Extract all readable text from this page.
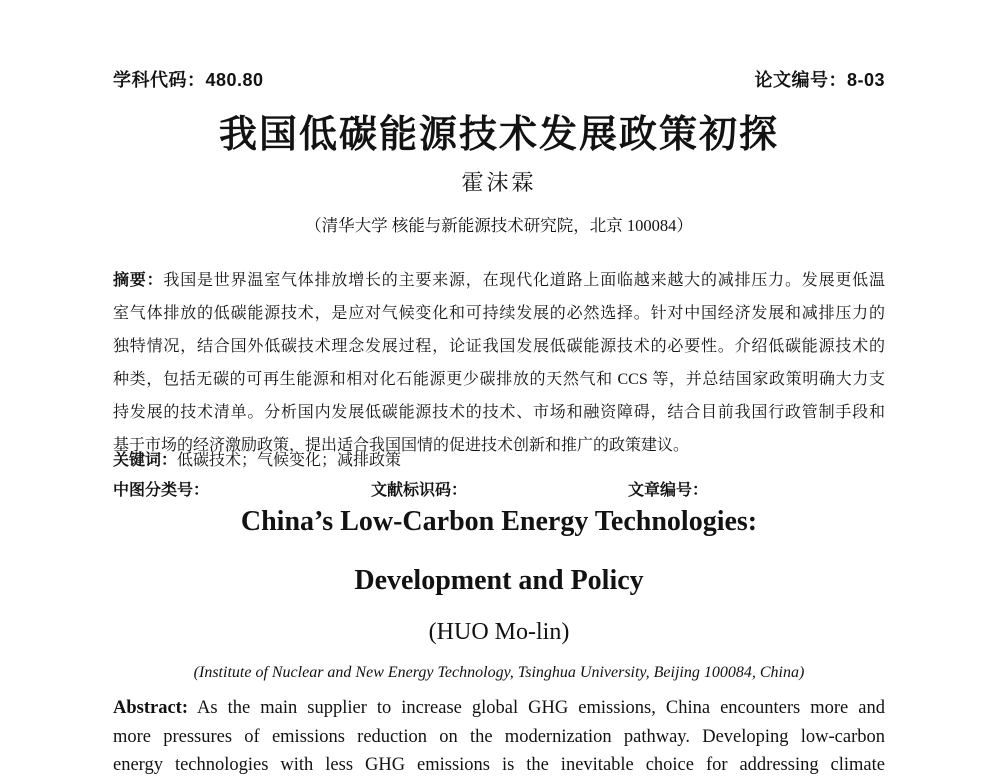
学科代码：480.80	论文编号：8-03
我国低碳能源技术发展政策初探
霍沫霖
（清华大学 核能与新能源技术研究院，北京 100084）
摘要：我国是世界温室气体排放增长的主要来源，在现代化道路上面临越来越大的减排压力。发展更低温
室气体排放的低碳能源技术，是应对气候变化和可持续发展的必然选择。针对中国经济发展和减排压力的
独特情况，结合国外低碳技术理念发展过程，论证我国发展低碳能源技术的必要性。介绍低碳能源技术的
种类，包括无碳的可再生能源和相对化石能源更少碳排放的天然气和 CCS 等，并总结国家政策明确大力支
持发展的技术清单。分析国内发展低碳能源技术的技术、市场和融资障碍，结合目前我国行政管制手段和
基于市场的经济激励政策，提出适合我国国情的促进技术创新和推广的政策建议。
关键词：低碳技术；气候变化；减排政策
中图分类号：	文献标识码：	文章编号：
China’s Low-Carbon Energy Technologies:
Development and Policy
(HUO Mo-lin)
(Institute of Nuclear and New Energy Technology, Tsinghua University, Beijing 100084, China)
Abstract: As the main supplier to increase global GHG emissions, China encounters more and
more pressures of emissions reduction on the modernization pathway. Developing low-carbon
energy technologies with less GHG emissions is the inevitable choice for addressing climate
